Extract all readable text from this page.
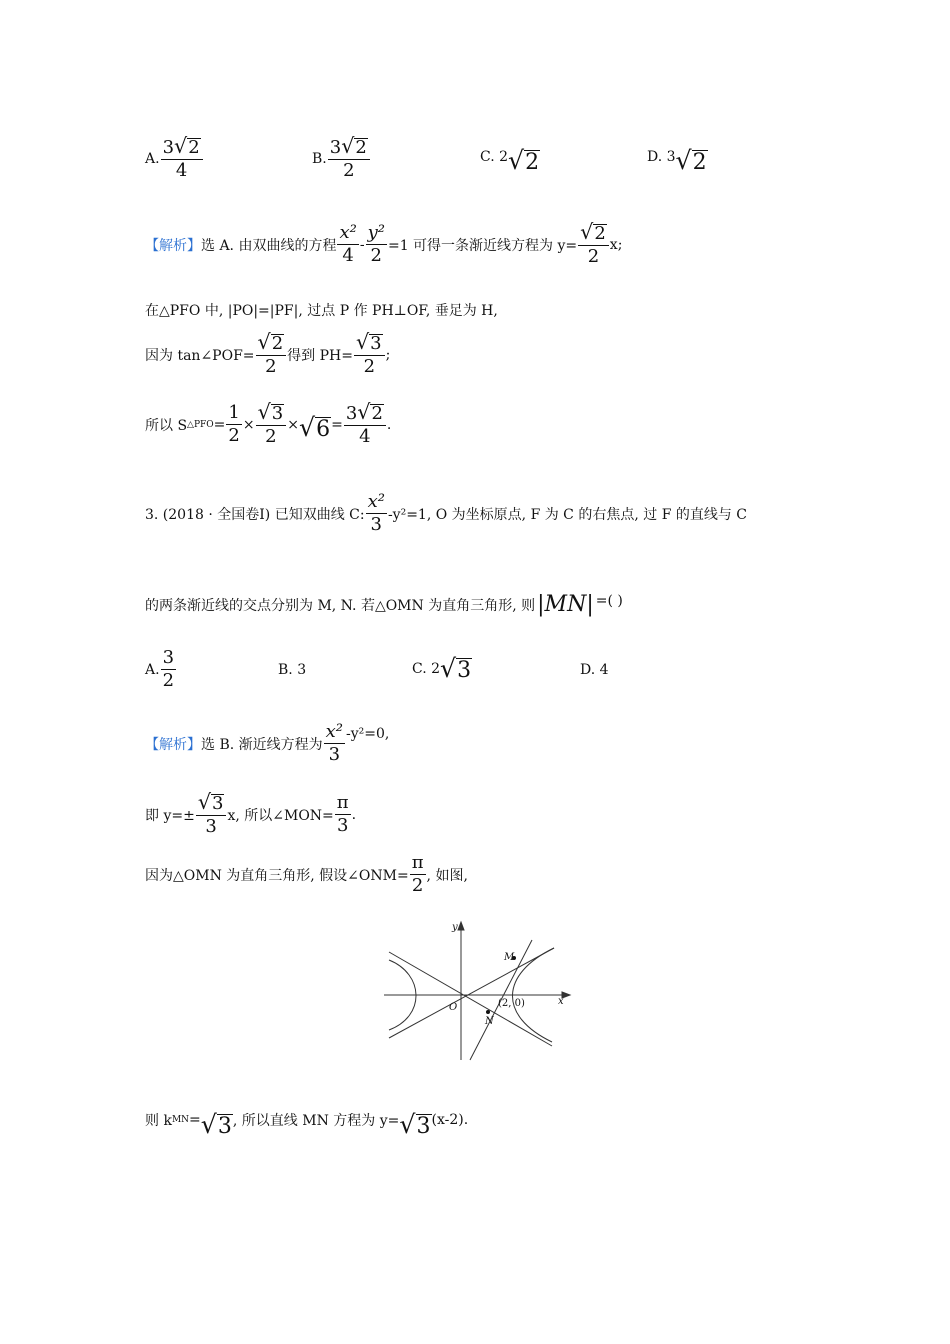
A. $\frac{3 √ 2}{4}$	B. $\frac{3 √ 2}{2}$	C. 2 √ 2	D. 3 √ 2
【解析】 选 A. 由双曲线的方程 $\frac{\text{x²}}{4} - \frac{\text{y²}}{2} =1$ 可得一条渐近线方程为 $y= \frac{√ 2}{2} x$;
在△PFO 中, |PO|=|PF|, 过点 P 作 PH⊥OF, 垂足为 H,
因为 tan∠POF= $\frac{√ 2}{2}$ 得到 $PH= \frac{√ 3}{2}$ ;
所以 S △PFO = $\frac{1}{2} \times \frac{√ 3}{2}$ × √ $6 = \frac{3 √ 2}{4}$ .
3. (2018 · 全国卷Ⅰ) 已知双曲线 C: $\frac{\text{x²}}{3} -y^2=1$, O 为坐标原点, F 为 C 的右焦点, 过 F 的直线与 C
的两条渐近线的交点分别为 M, N. 若△OMN 为直角三角形, 则 |MN| =( )
A. $\frac{3}{2}$	B. 3	C. 2 √ 3	D. 4
【解析】 选 B. 渐近线方程为 $\frac{\text{x²}}{3} -y^2=0$,
即 $y=\pm \frac{√ 3}{3} x$, 所以∠MON= $\frac{\pi}{3}$ .
因为△OMN 为直角三角形, 假设∠ONM= $\frac{\pi}{2}$ , 如图,
y
x
O
M
N
(2, 0)
则 k MN = √ 3 , 所以直线 MN 方程为 y= √ 3 (x-2).
